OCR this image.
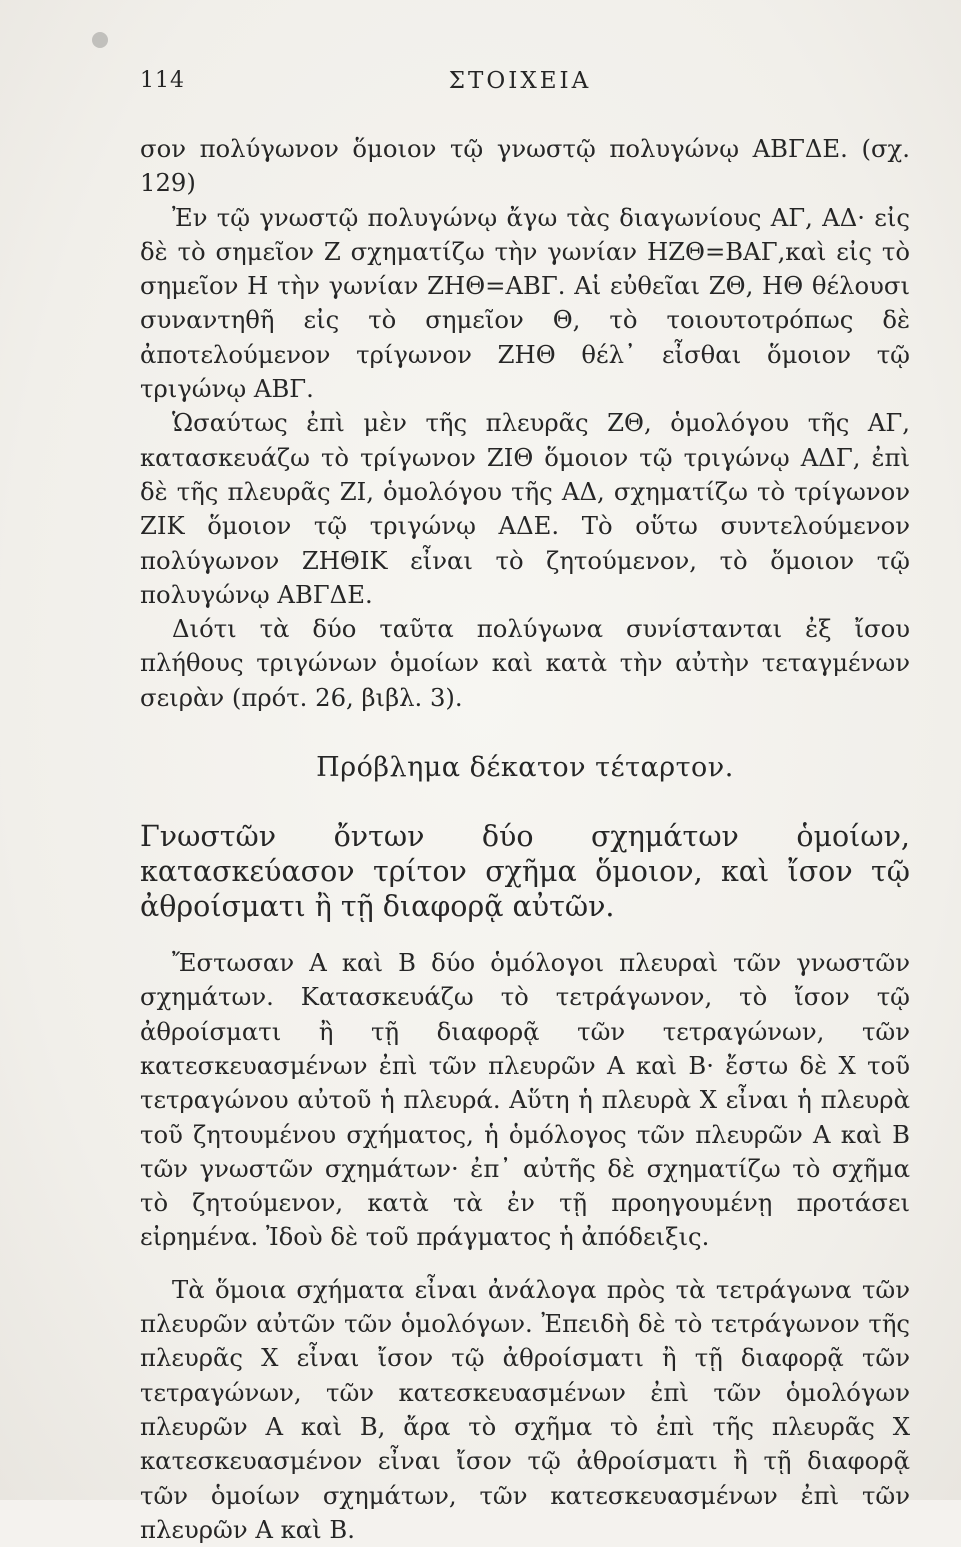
114	ΣΤΟΙΧΕΙΑ

σον πολύγωνον ὅμοιον τῷ γνωστῷ πολυγώνῳ ΑΒΓΔΕ. (σχ. 129)

Ἐν τῷ γνωστῷ πολυγώνῳ ἄγω τὰς διαγωνίους ΑΓ, ΑΔ· εἰς δὲ τὸ σημεῖον Ζ σχηματίζω τὴν γωνίαν ΗΖΘ=ΒΑΓ,καὶ εἰς τὸ σημεῖον Η τὴν γωνίαν ΖΗΘ=ΑΒΓ. Αἱ εὐθεῖαι ΖΘ, ΗΘ θέλουσι συναντηθῆ εἰς τὸ σημεῖον Θ, τὸ τοιουτοτρόπως δὲ ἀποτελούμενον τρίγωνον ΖΗΘ θέλ᾽ εἶσθαι ὅμοιον τῷ τριγώνῳ ΑΒΓ.

Ὡσαύτως ἐπὶ μὲν τῆς πλευρᾶς ΖΘ, ὁμολόγου τῆς ΑΓ, κατασκευάζω τὸ τρίγωνον ΖΙΘ ὅμοιον τῷ τριγώνῳ ΑΔΓ, ἐπὶ δὲ τῆς πλευρᾶς ΖΙ, ὁμολόγου τῆς ΑΔ, σχηματίζω τὸ τρίγωνον ΖΙΚ ὅμοιον τῷ τριγώνῳ ΑΔΕ. Τὸ οὕτω συντελούμενον πολύγωνον ΖΗΘΙΚ εἶναι τὸ ζητούμενον, τὸ ὅμοιον τῷ πολυγώνῳ ΑΒΓΔΕ.

Διότι τὰ δύο ταῦτα πολύγωνα συνίστανται ἐξ ἴσου πλήθους τριγώνων ὁμοίων καὶ κατὰ τὴν αὐτὴν τεταγμένων σειρὰν (πρότ. 26, βιβλ. 3).

Πρόβλημα δέκατον τέταρτον.
Γνωστῶν ὄντων δύο σχημάτων ὁμοίων, κατασκεύασον τρίτον σχῆμα ὅμοιον, καὶ ἴσον τῷ ἀθροίσματι ἢ τῇ διαφορᾷ αὐτῶν.

Ἔστωσαν Α καὶ Β δύο ὁμόλογοι πλευραὶ τῶν γνωστῶν σχημάτων. Κατασκευάζω τὸ τετράγωνον, τὸ ἴσον τῷ ἀθροίσματι ἢ τῇ διαφορᾷ τῶν τετραγώνων, τῶν κατεσκευασμένων ἐπὶ τῶν πλευρῶν Α καὶ Β· ἔστω δὲ Χ τοῦ τετραγώνου αὐτοῦ ἡ πλευρά. Αὕτη ἡ πλευρὰ Χ εἶναι ἡ πλευρὰ τοῦ ζητουμένου σχήματος, ἡ ὁμόλογος τῶν πλευρῶν Α καὶ Β τῶν γνωστῶν σχημάτων· ἐπ᾽ αὐτῆς δὲ σχηματίζω τὸ σχῆμα τὸ ζητούμενον, κατὰ τὰ ἐν τῇ προηγουμένῃ προτάσει εἰρημένα. Ἰδοὺ δὲ τοῦ πράγματος ἡ ἀπόδειξις.

Τὰ ὅμοια σχήματα εἶναι ἀνάλογα πρὸς τὰ τετράγωνα τῶν πλευρῶν αὐτῶν τῶν ὁμολόγων. Ἐπειδὴ δὲ τὸ τετράγωνον τῆς πλευρᾶς Χ εἶναι ἴσον τῷ ἀθροίσματι ἢ τῇ διαφορᾷ τῶν τετραγώνων, τῶν κατεσκευασμένων ἐπὶ τῶν ὁμολόγων πλευρῶν Α καὶ Β, ἄρα τὸ σχῆμα τὸ ἐπὶ τῆς πλευρᾶς Χ κατεσκευασμένον εἶναι ἴσον τῷ ἀθροίσματι ἢ τῇ διαφορᾷ τῶν ὁμοίων σχημάτων, τῶν κατεσκευασμένων ἐπὶ τῶν πλευρῶν Α καὶ Β.
